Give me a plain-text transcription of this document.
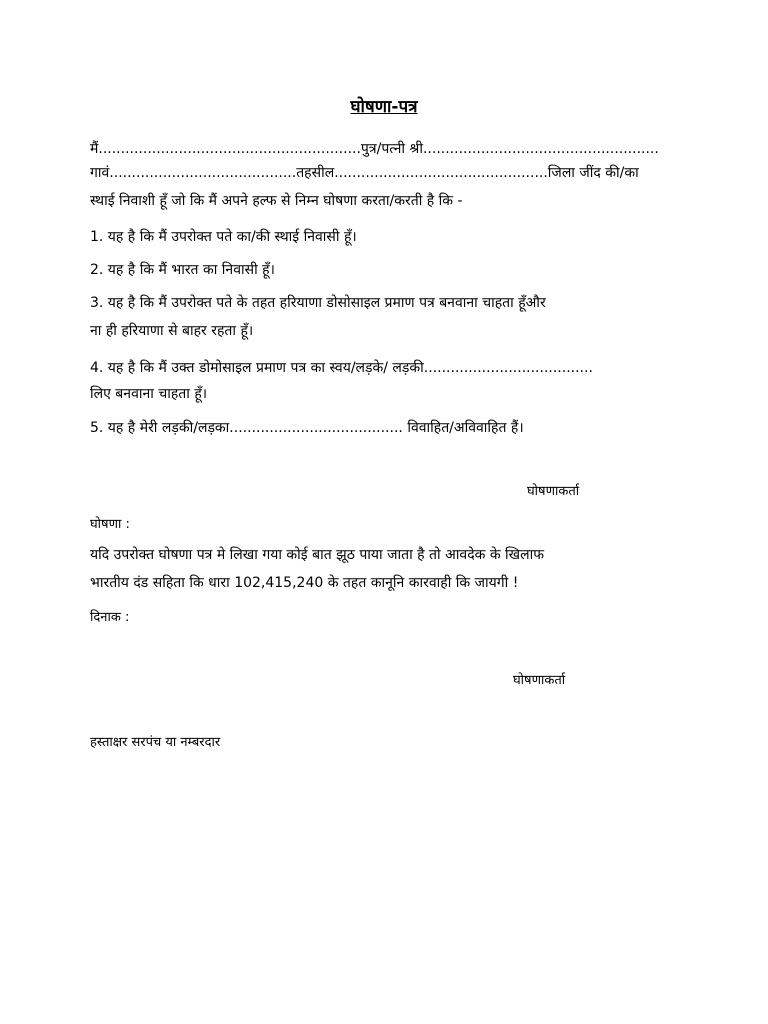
घोषणा-पत्र
मैं...........................................................पुत्र/पत्नी श्री.....................................................
गावं..........................................तहसील................................................जिला जींद की/का
स्थाई निवाशी हूँ जो कि मैं अपने हल्फ से निम्न घोषणा करता/करती है कि -
1. यह है कि मैं उपरोक्त पते का/की स्थाई निवासी हूँ।
2. यह है कि मैं भारत का निवासी हूँ।
3. यह है कि मैं उपरोक्त पते के तहत हरियाणा डोसोसाइल प्रमाण पत्र बनवाना चाहता हूँऔर
ना ही हरियाणा से बाहर रहता हूँ।
4. यह है कि मैं उक्त डोमोसाइल प्रमाण पत्र का स्वय/लड़के/ लड़की......................................
लिए बनवाना चाहता हूँ।
5. यह है मेरी लड़की/लड़का....................................... विवाहित/अविवाहित हैं।
घोषणाकर्ता
घोषणा :
यदि उपरोक्त घोषणा पत्र मे लिखा गया कोई बात झूठ पाया जाता है तो आवदेक के खिलाफ
भारतीय दंड सहिता कि धारा 102,415,240 के तहत कानूनि कारवाही कि जायगी !
दिनाक :
घोषणाकर्ता
हस्ताक्षर सरपंच या नम्बरदार
